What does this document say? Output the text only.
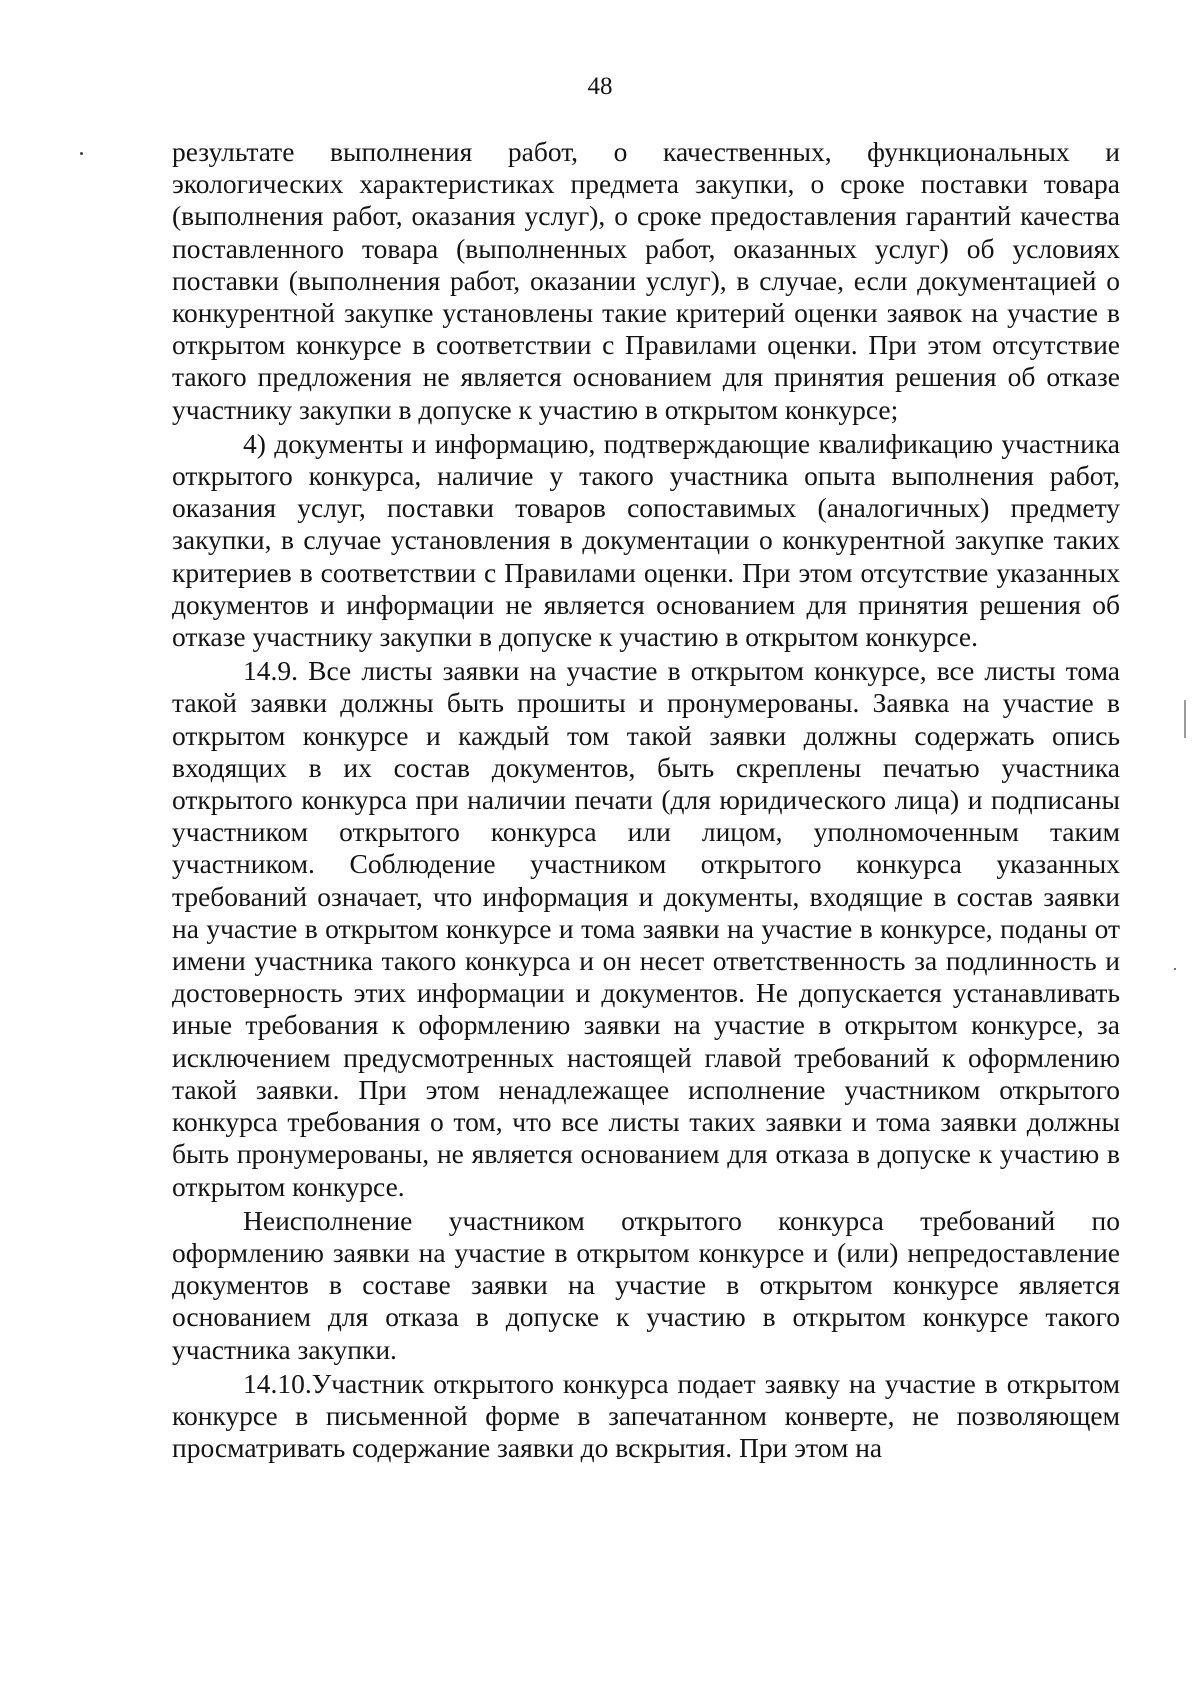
48

результате выполнения работ, о качественных, функциональных и экологических характеристиках предмета закупки, о сроке поставки товара (выполнения работ, оказания услуг), о сроке предоставления гарантий качества поставленного товара (выполненных работ, оказанных услуг) об условиях поставки (выполнения работ, оказании услуг), в случае, если документацией о конкурентной закупке установлены такие критерий оценки заявок на участие в открытом конкурсе в соответствии с Правилами оценки. При этом отсутствие такого предложения не является основанием для принятия решения об отказе участнику закупки в допуске к участию в открытом конкурсе;

4) документы и информацию, подтверждающие квалификацию участника открытого конкурса, наличие у такого участника опыта выполнения работ, оказания услуг, поставки товаров сопоставимых (аналогичных) предмету закупки, в случае установления в документации о конкурентной закупке таких критериев в соответствии с Правилами оценки. При этом отсутствие указанных документов и информации не является основанием для принятия решения об отказе участнику закупки в допуске к участию в открытом конкурсе.

14.9. Все листы заявки на участие в открытом конкурсе, все листы тома такой заявки должны быть прошиты и пронумерованы. Заявка на участие в открытом конкурсе и каждый том такой заявки должны содержать опись входящих в их состав документов, быть скреплены печатью участника открытого конкурса при наличии печати (для юридического лица) и подписаны участником открытого конкурса или лицом, уполномоченным таким участником. Соблюдение участником открытого конкурса указанных требований означает, что информация и документы, входящие в состав заявки на участие в открытом конкурсе и тома заявки на участие в конкурсе, поданы от имени участника такого конкурса и он несет ответственность за подлинность и достоверность этих информации и документов. Не допускается устанавливать иные требования к оформлению заявки на участие в открытом конкурсе, за исключением предусмотренных настоящей главой требований к оформлению такой заявки. При этом ненадлежащее исполнение участником открытого конкурса требования о том, что все листы таких заявки и тома заявки должны быть пронумерованы, не является основанием для отказа в допуске к участию в открытом конкурсе.

Неисполнение участником открытого конкурса требований по оформлению заявки на участие в открытом конкурсе и (или) непредоставление документов в составе заявки на участие в открытом конкурсе является основанием для отказа в допуске к участию в открытом конкурсе такого участника закупки.

14.10.Участник открытого конкурса подает заявку на участие в открытом конкурсе в письменной форме в запечатанном конверте, не позволяющем просматривать содержание заявки до вскрытия. При этом на
